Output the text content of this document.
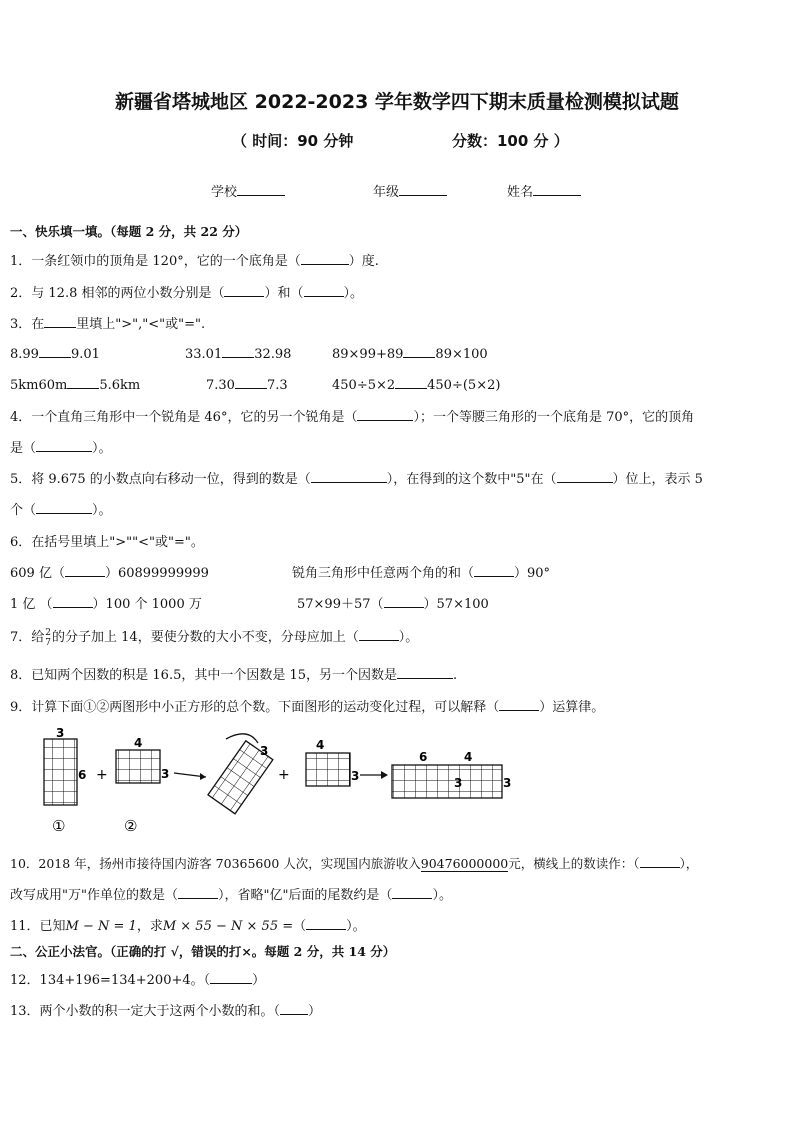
新疆省塔城地区 2022-2023 学年数学四下期末质量检测模拟试题
（ 时间：90 分钟	分数：100 分 ）
学校	年级	姓名
一、快乐填一填。（每题 2 分，共 22 分）
1．一条红领巾的顶角是 120°，它的一个底角是（	）度.
2．与 12.8 相邻的两位小数分别是（	）和（	）。
3．在 里填上">","<"或"=".
8.99 9.01	33.01 32.98	89×99+89 89×100
5km60m 5.6km	7.30 7.3	450÷5×2 450÷(5×2)
4．一个直角三角形中一个锐角是 46°，它的另一个锐角是（	）；一个等腰三角形的一个底角是 70°，它的顶角
是（	）。
5．将 9.675 的小数点向右移动一位，得到的数是（	），在得到的这个数中"5"在（	）位上，表示 5
个（	）。
6．在括号里填上">""<"或"="。
609 亿（	）60899999999	锐角三角形中任意两个角的和（	）90°
1 亿 （	）100 个 1000 万	57×99＋57（	）57×100
7．给 2
7 的分子加上 14，要使分数的大小不变，分母应加上（	）。
8．已知两个因数的积是 16.5，其中一个因数是 15，另一个因数是	.
9．计算下面①②两图形中小正方形的总个数。下面图形的运动变化过程，可以解释（	）运算律。
3
6 +
4
3
3
+
4
3
6	4
3	3
①	②
10．2018 年，扬州市接待国内游客 70365600 人次，实现国内旅游收入90476000000元，横线上的数读作：（	），
改写成用"万"作单位的数是（	），省略"亿"后面的尾数约是（	）。
11．已知M − N = 1，求M × 55 − N × 55 =（	）。
二、公正小法官。（正确的打 √，错误的打×。每题 2 分，共 14 分）
12．134+196=134+200+4。（	）
13．两个小数的积一定大于这两个小数的和。（ ）
